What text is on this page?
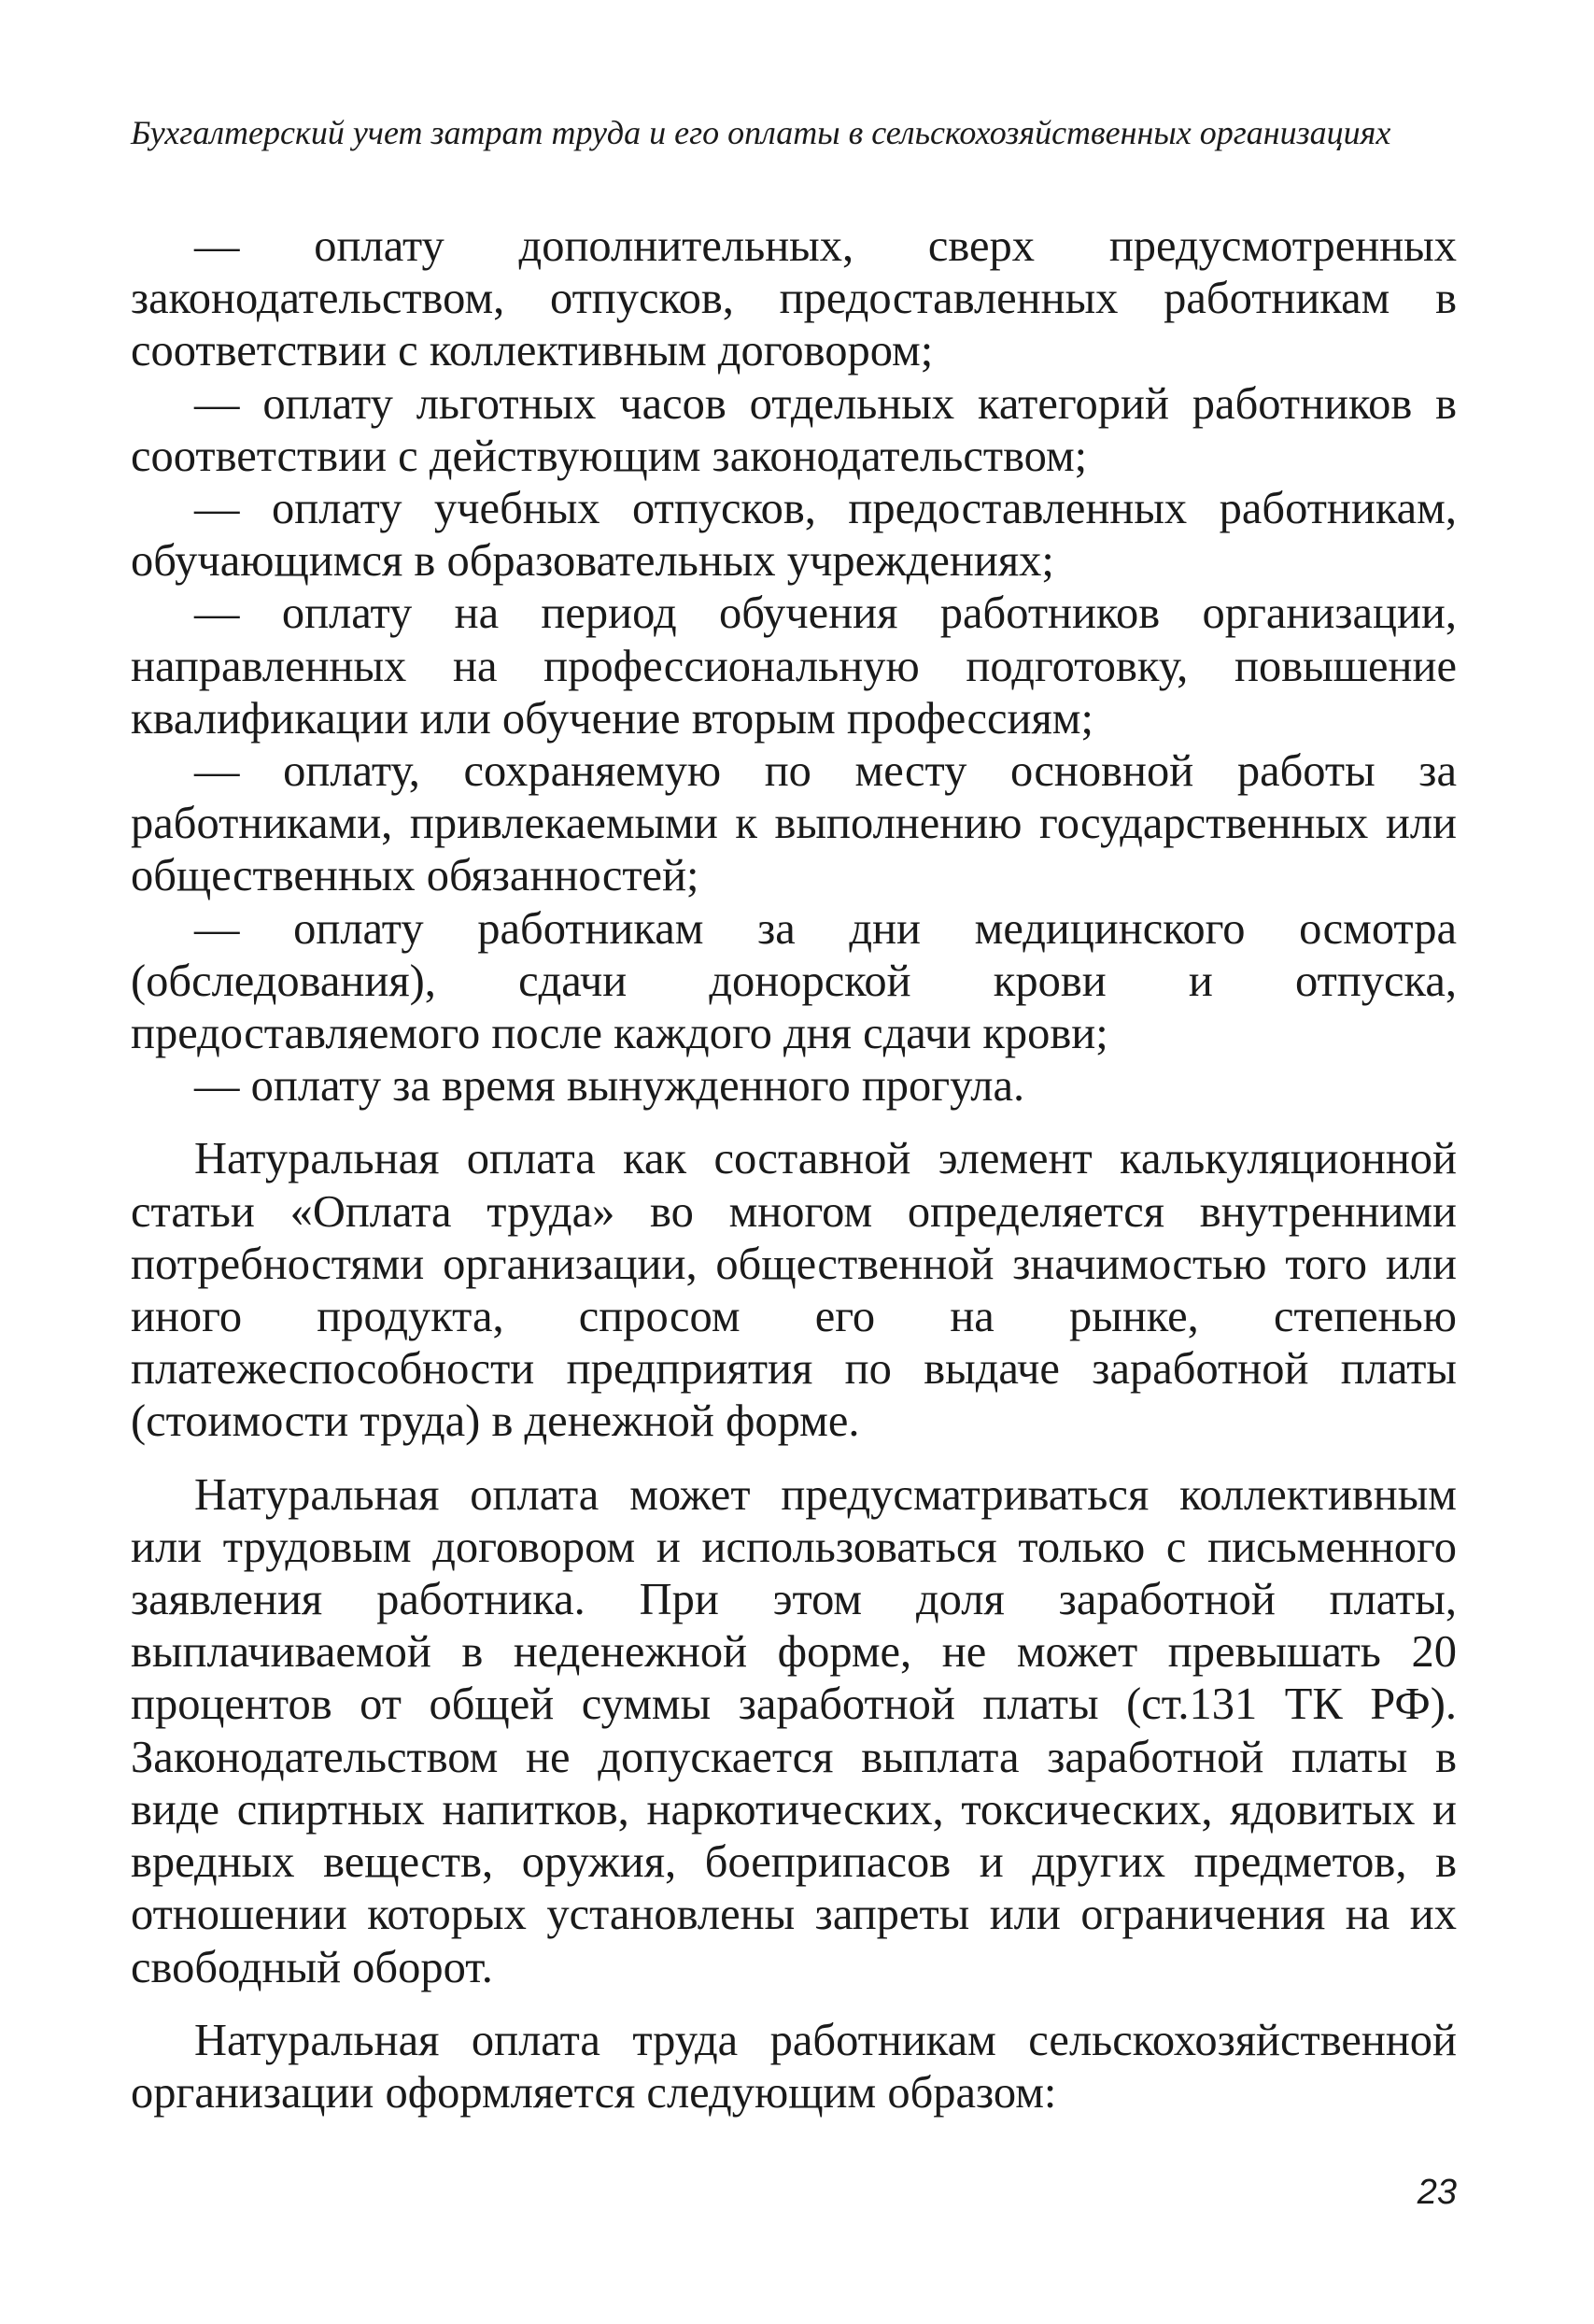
Бухгалтерский учет затрат труда и его оплаты в сельскохозяйственных организациях

— оплату дополнительных, сверх предусмотренных законодательством, отпусков, предоставленных работникам в соответствии с коллективным договором;

— оплату льготных часов отдельных категорий работников в соответствии с действующим законодательством;

— оплату учебных отпусков, предоставленных работникам, обучающимся в образовательных учреждениях;

— оплату на период обучения работников организации, направленных на профессиональную подготовку, повышение квалификации или обучение вторым профессиям;

— оплату, сохраняемую по месту основной работы за работниками, привлекаемыми к выполнению государственных или общественных обязанностей;

— оплату работникам за дни медицинского осмотра (обследования), сдачи донорской крови и отпуска, предоставляемого после каждого дня сдачи крови;

— оплату за время вынужденного прогула.

Натуральная оплата как составной элемент калькуляционной статьи «Оплата труда» во многом определяется внутренними потребностями организации, общественной значимостью того или иного продукта, спросом его на рынке, степенью платежеспособности предприятия по выдаче заработной платы (стоимости труда) в денежной форме.

Натуральная оплата может предусматриваться коллективным или трудовым договором и использоваться только с письменного заявления работника. При этом доля заработной платы, выплачиваемой в неденежной форме, не может превышать 20 процентов от общей суммы заработной платы (ст.131 ТК РФ). Законодательством не допускается выплата заработной платы в виде спиртных напитков, наркотических, токсических, ядовитых и вредных веществ, оружия, боеприпасов и других предметов, в отношении которых установлены запреты или ограничения на их свободный оборот.

Натуральная оплата труда работникам сельскохозяйственной организации оформляется следующим образом:

23
